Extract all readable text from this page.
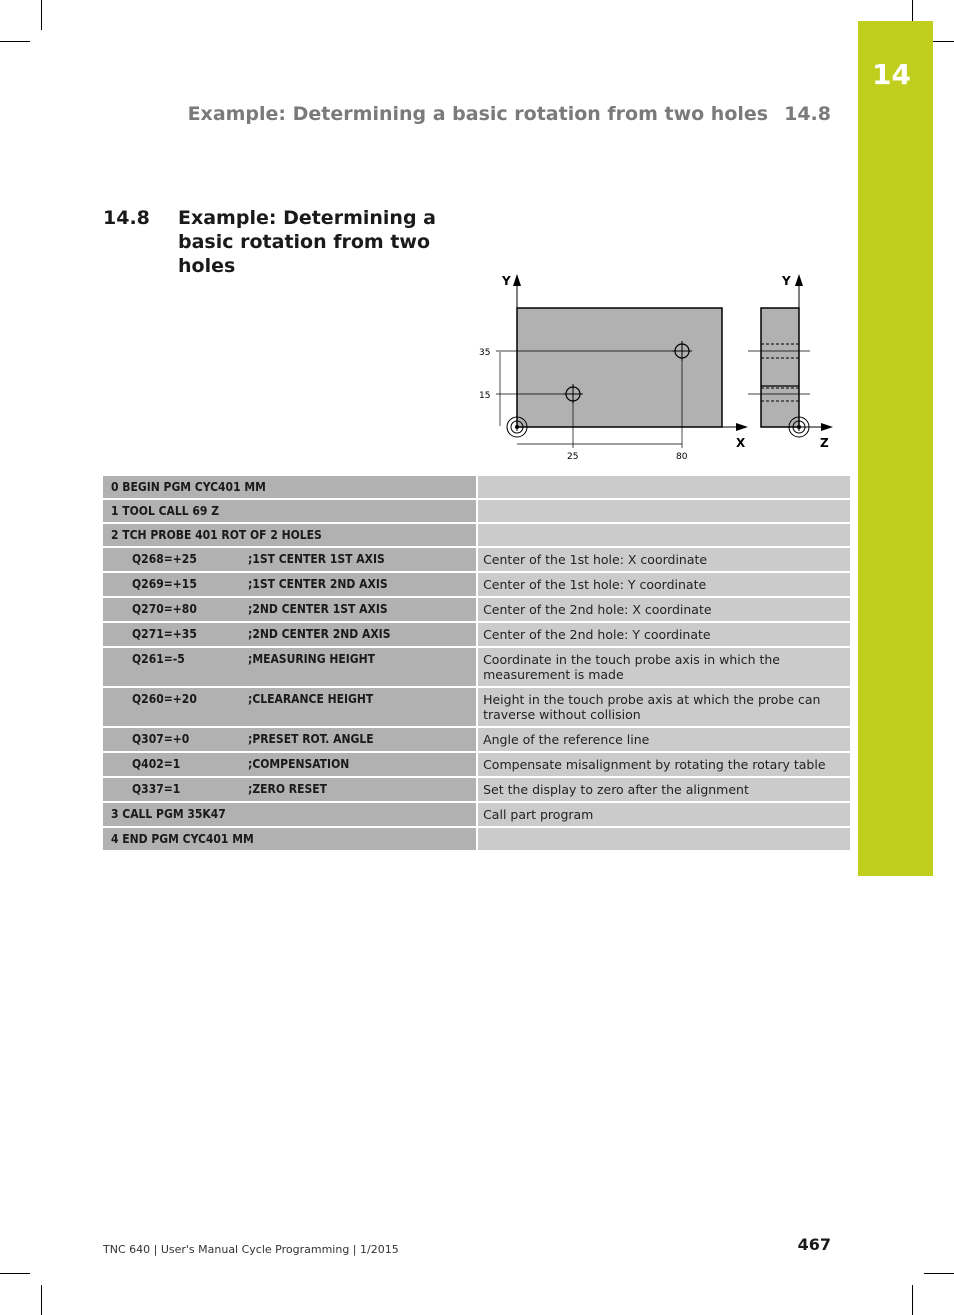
14
Example: Determining a basic rotation from two holes 14.8
14.8 Example: Determining a basic rotation from two holes
Y
X
Y
Z
35
15
25	80
0 BEGIN PGM CYC401 MM	

1 TOOL CALL 69 Z	

2 TCH PROBE 401 ROT OF 2 HOLES	

Q268=+25 ;1ST CENTER 1ST AXIS	Center of the 1st hole: X coordinate

Q269=+15 ;1ST CENTER 2ND AXIS	Center of the 1st hole: Y coordinate

Q270=+80 ;2ND CENTER 1ST AXIS	Center of the 2nd hole: X coordinate

Q271=+35 ;2ND CENTER 2ND AXIS	Center of the 2nd hole: Y coordinate

Q261=-5 ;MEASURING HEIGHT	Coordinate in the touch probe axis in which the measurement is made

Q260=+20 ;CLEARANCE HEIGHT	Height in the touch probe axis at which the probe can traverse without collision

Q307=+0 ;PRESET ROT. ANGLE	Angle of the reference line

Q402=1 ;COMPENSATION	Compensate misalignment by rotating the rotary table

Q337=1 ;ZERO RESET	Set the display to zero after the alignment

3 CALL PGM 35K47	Call part program

4 END PGM CYC401 MM	

TNC 640 | User's Manual Cycle Programming | 1/2015	467
